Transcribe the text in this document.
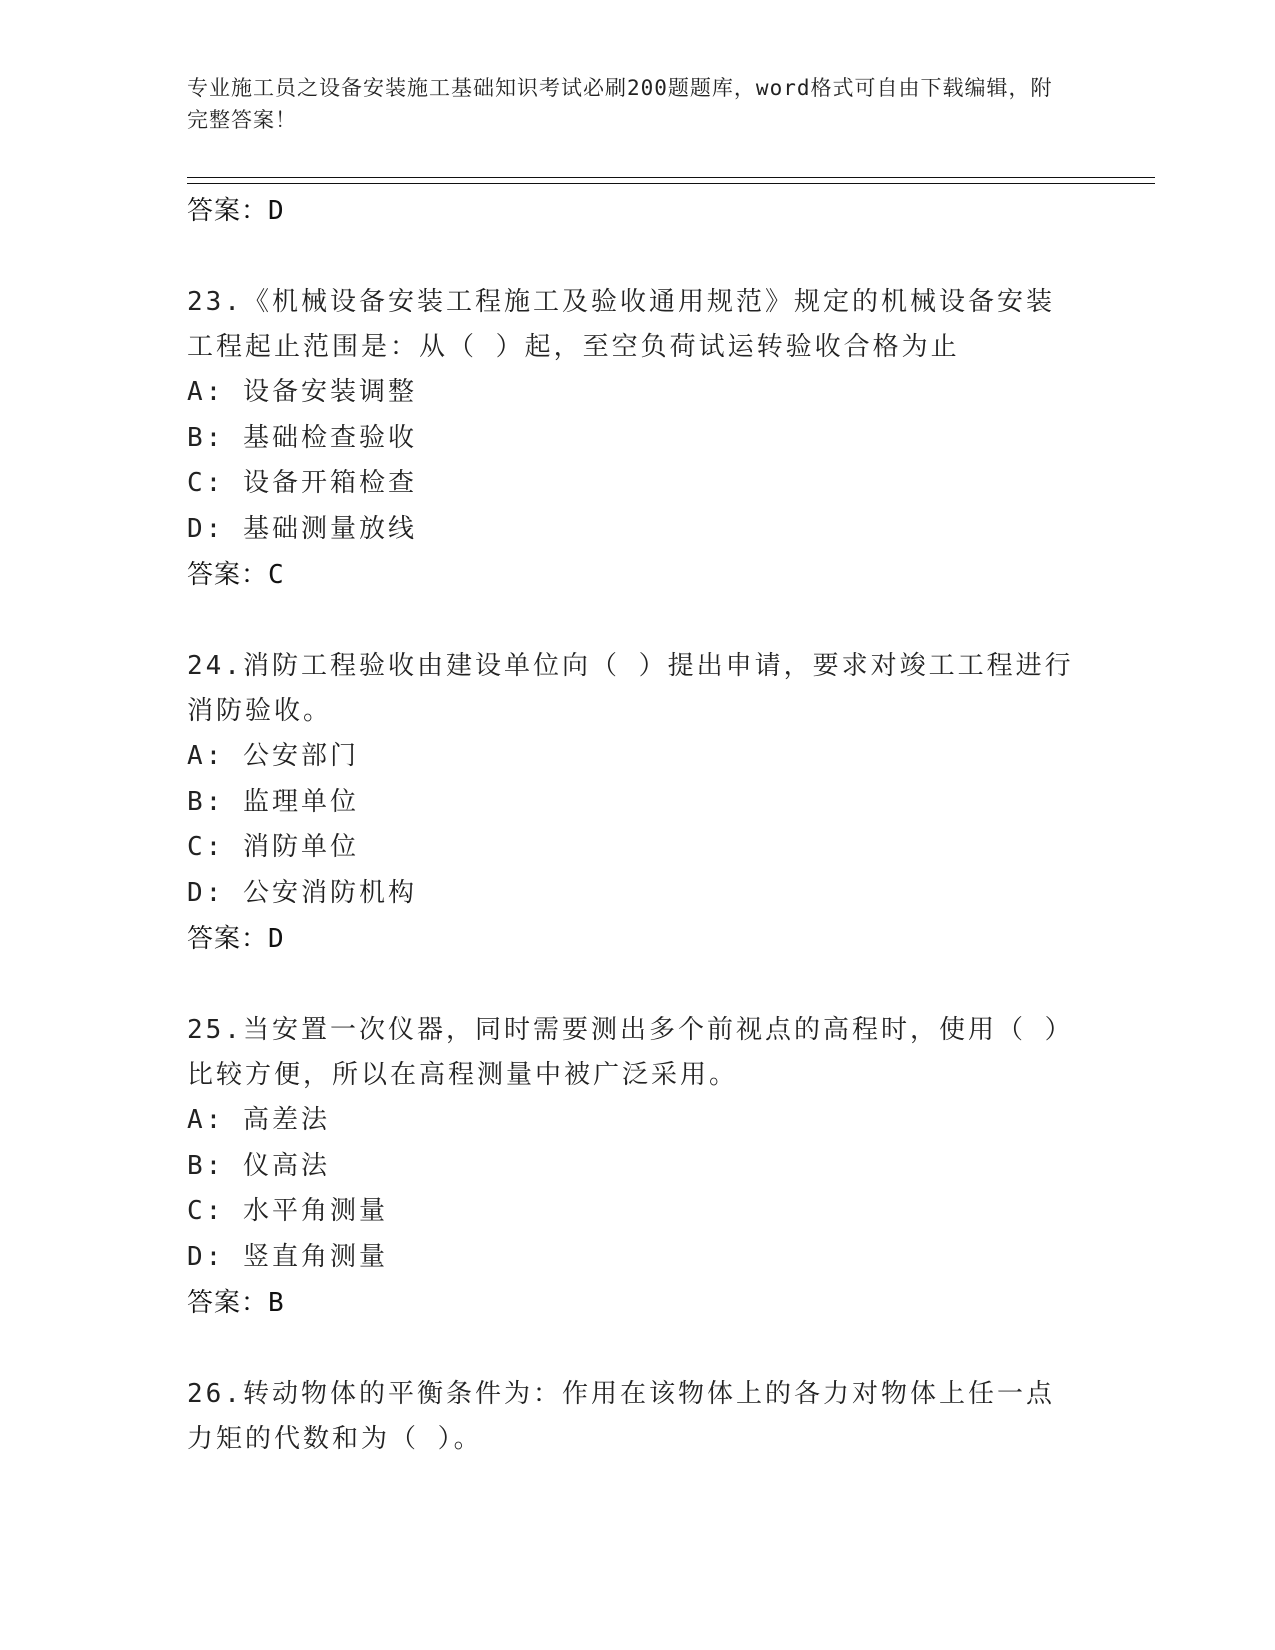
专业施工员之设备安装施工基础知识考试必刷200题题库，word格式可自由下载编辑，附完整答案！
答案：D
23.《机械设备安装工程施工及验收通用规范》规定的机械设备安装工程起止范围是：从（ ）起，至空负荷试运转验收合格为止
A: 设备安装调整
B: 基础检查验收
C: 设备开箱检查
D: 基础测量放线
答案：C
24.消防工程验收由建设单位向（ ）提出申请，要求对竣工工程进行消防验收。
A: 公安部门
B: 监理单位
C: 消防单位
D: 公安消防机构
答案：D
25.当安置一次仪器，同时需要测出多个前视点的高程时，使用（ ）比较方便，所以在高程测量中被广泛采用。
A: 高差法
B: 仪高法
C: 水平角测量
D: 竖直角测量
答案：B
26.转动物体的平衡条件为：作用在该物体上的各力对物体上任一点力矩的代数和为（ ）。
